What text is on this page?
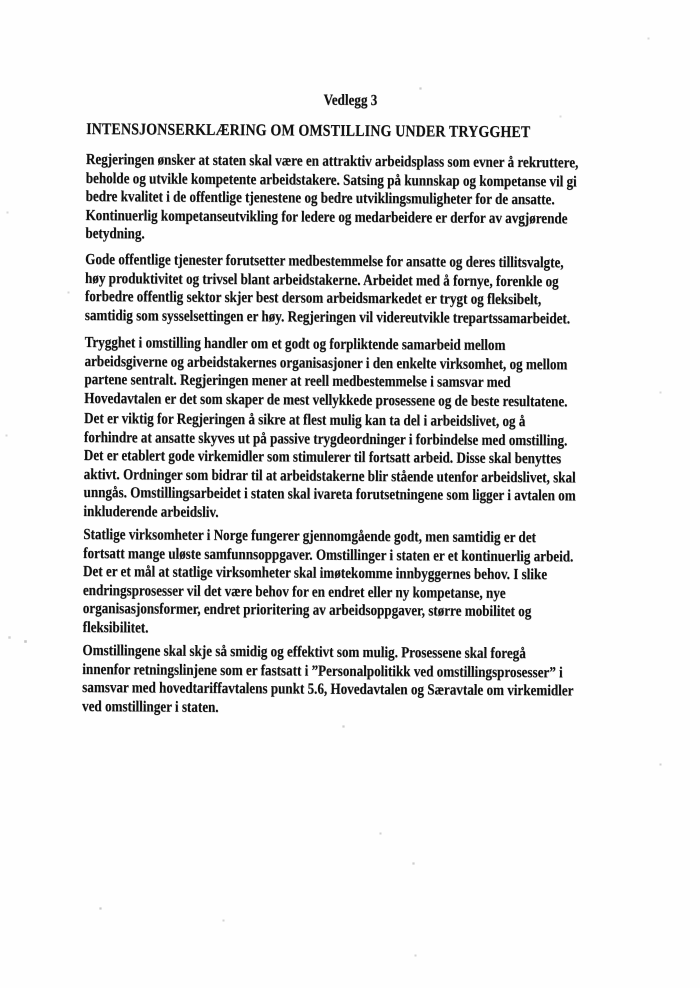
Vedlegg 3
INTENSJONSERKLÆRING OM OMSTILLING UNDER TRYGGHET
Regjeringen ønsker at staten skal være en attraktiv arbeidsplass som evner å rekruttere,
beholde og utvikle kompetente arbeidstakere. Satsing på kunnskap og kompetanse vil gi
bedre kvalitet i de offentlige tjenestene og bedre utviklingsmuligheter for de ansatte.
Kontinuerlig kompetanseutvikling for ledere og medarbeidere er derfor av avgjørende
betydning.
Gode offentlige tjenester forutsetter medbestemmelse for ansatte og deres tillitsvalgte,
høy produktivitet og trivsel blant arbeidstakerne. Arbeidet med å fornye, forenkle og
forbedre offentlig sektor skjer best dersom arbeidsmarkedet er trygt og fleksibelt,
samtidig som sysselsettingen er høy. Regjeringen vil videreutvikle trepartssamarbeidet.
Trygghet i omstilling handler om et godt og forpliktende samarbeid mellom
arbeidsgiverne og arbeidstakernes organisasjoner i den enkelte virksomhet, og mellom
partene sentralt. Regjeringen mener at reell medbestemmelse i samsvar med
Hovedavtalen er det som skaper de mest vellykkede prosessene og de beste resultatene.
Det er viktig for Regjeringen å sikre at flest mulig kan ta del i arbeidslivet, og å
forhindre at ansatte skyves ut på passive trygdeordninger i forbindelse med omstilling.
Det er etablert gode virkemidler som stimulerer til fortsatt arbeid. Disse skal benyttes
aktivt. Ordninger som bidrar til at arbeidstakerne blir stående utenfor arbeidslivet, skal
unngås. Omstillingsarbeidet i staten skal ivareta forutsetningene som ligger i avtalen om
inkluderende arbeidsliv.
Statlige virksomheter i Norge fungerer gjennomgående godt, men samtidig er det
fortsatt mange uløste samfunnsoppgaver. Omstillinger i staten er et kontinuerlig arbeid.
Det er et mål at statlige virksomheter skal imøtekomme innbyggernes behov. I slike
endringsprosesser vil det være behov for en endret eller ny kompetanse, nye
organisasjonsformer, endret prioritering av arbeidsoppgaver, større mobilitet og
fleksibilitet.
Omstillingene skal skje så smidig og effektivt som mulig. Prosessene skal foregå
innenfor retningslinjene som er fastsatt i ”Personalpolitikk ved omstillingsprosesser” i
samsvar med hovedtariffavtalens punkt 5.6, Hovedavtalen og Særavtale om virkemidler
ved omstillinger i staten.
